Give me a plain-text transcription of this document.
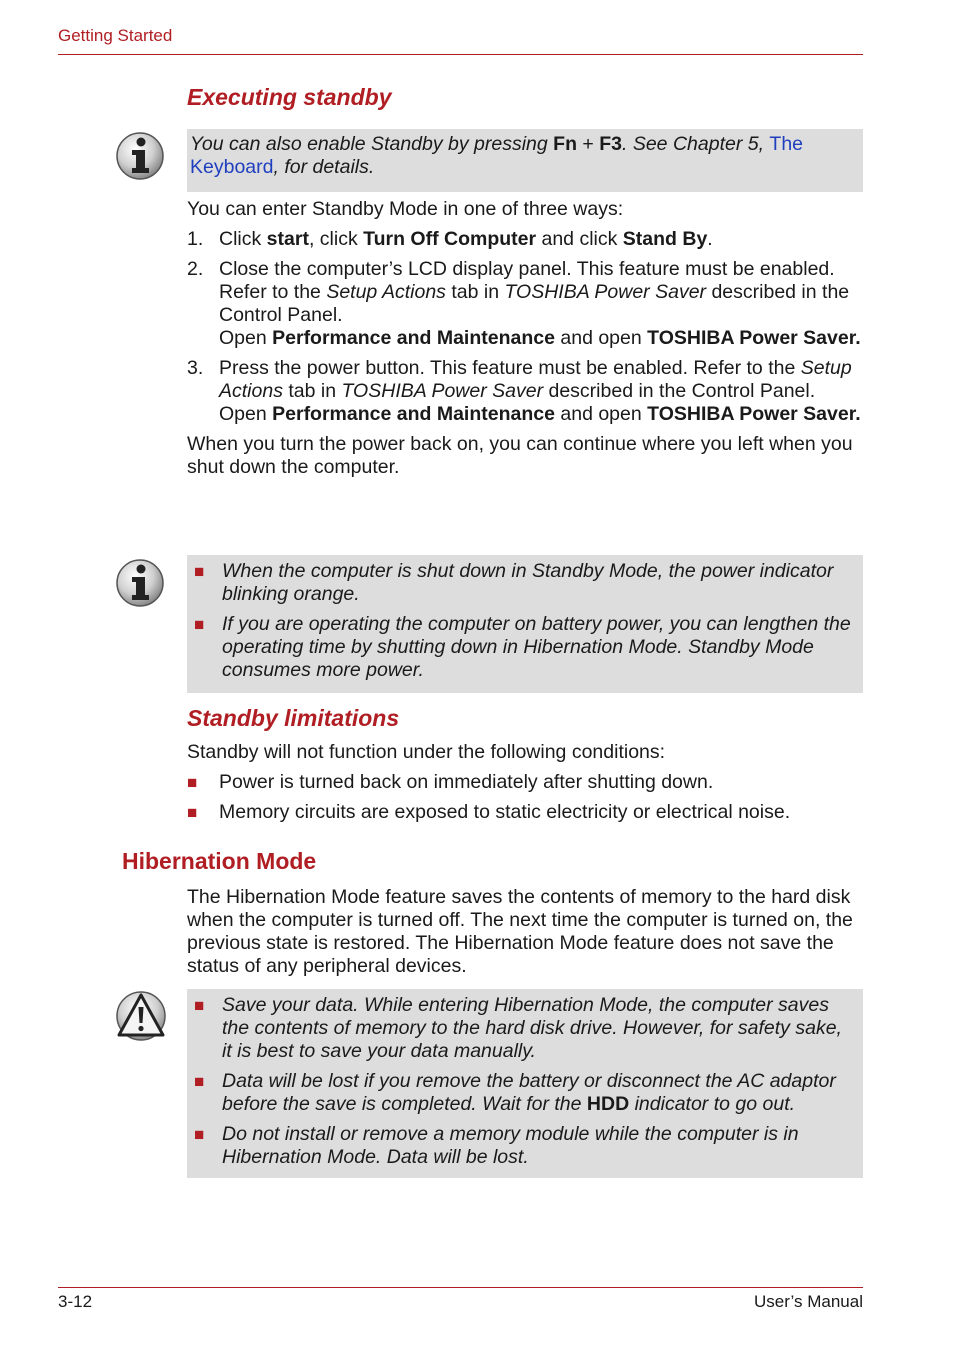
Getting Started
Executing standby
You can also enable Standby by pressing Fn + F3. See Chapter 5, The
Keyboard, for details.

You can enter Standby Mode in one of three ways:

1. Click start, click Turn Off Computer and click Stand By.
2. Close the computer’s LCD display panel. This feature must be enabled. Refer to the Setup Actions tab in TOSHIBA Power Saver described in the Control Panel.
Open Performance and Maintenance and open TOSHIBA Power Saver.
3. Press the power button. This feature must be enabled. Refer to the Setup Actions tab in TOSHIBA Power Saver described in the Control Panel.
Open Performance and Maintenance and open TOSHIBA Power Saver.

When you turn the power back on, you can continue where you left when you shut down the computer.

■ When the computer is shut down in Standby Mode, the power indicator blinking orange.
■ If you are operating the computer on battery power, you can lengthen the operating time by shutting down in Hibernation Mode. Standby Mode consumes more power.
Standby limitations

Standby will not function under the following conditions:

■ Power is turned back on immediately after shutting down.
■ Memory circuits are exposed to static electricity or electrical noise.
Hibernation Mode
The Hibernation Mode feature saves the contents of memory to the hard disk when the computer is turned off. The next time the computer is turned on, the previous state is restored. The Hibernation Mode feature does not save the status of any peripheral devices.
■ Save your data. While entering Hibernation Mode, the computer saves the contents of memory to the hard disk drive. However, for safety sake, it is best to save your data manually.
■ Data will be lost if you remove the battery or disconnect the AC adaptor before the save is completed. Wait for the HDD indicator to go out.
■ Do not install or remove a memory module while the computer is in Hibernation Mode. Data will be lost.
3-12	User’s Manual
